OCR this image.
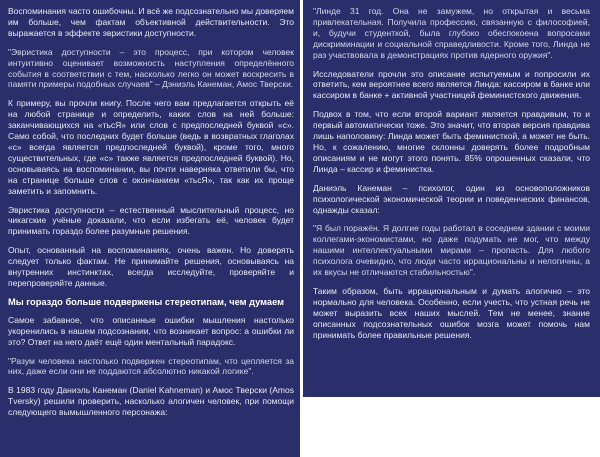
Воспоминания часто ошибочны. И всё же подсознательно мы доверяем им больше, чем фактам объективной действительности. Это выражается в эффекте эвристики доступности.

"Эвристика доступности – это процесс, при котором человек интуитивно оценивает возможность наступления определённого события в соответствии с тем, насколько легко он может воскресить в памяти примеры подобных случаев" – Дэниэль Канеман, Амос Тверски.

К примеру, вы прочли книгу. После чего вам предлагается открыть её на любой странице и определить, каких слов на ней больше: заканчивающихся на «тьсЯ» или слов с предпоследней буквой «с». Само собой, что последних будет больше (ведь в возвратных глаголах «с» всегда является предпоследней буквой), кроме того, много существительных, где «с» также является предпоследней буквой). Но, основываясь на воспоминании, вы почти наверняка ответили бы, что на странице больше слов с окончанием «тьсЯ», так как их проще заметить и запомнить.

Эвристика доступности – естественный мыслительный процесс, но чикагские учёные доказали, что если избегать её, человек будет принимать гораздо более разумные решения.

Опыт, основанный на воспоминаниях, очень важен. Но доверять следует только фактам. Не принимайте решения, основываясь на внутренних инстинктах, всегда исследуйте, проверяйте и перепроверяйте данные.

Мы гораздо больше подвержены стереотипам, чем думаем

Самое забавное, что описанные ошибки мышления настолько укоренились в нашем подсознании, что возникает вопрос: а ошибки ли это? Ответ на него даёт ещё один ментальный парадокс.

"Разум человека настолько подвержен стереотипам, что цепляется за них, даже если они не поддаются абсолютно никакой логике".

В 1983 году Даниэль Канеман (Daniel Kahneman) и Амос Тверски (Amos Tversky) решили проверить, насколько алогичен человек, при помощи следующего вымышленного персонажа:

"Линде 31 год. Она не замужем, но открытая и весьма привлекательная. Получила профессию, связанную с философией, и, будучи студенткой, была глубоко обеспокоена вопросами дискриминации и социальной справедливости. Кроме того, Линда не раз участвовала в демонстрациях против ядерного оружия".

Исследователи прочли это описание испытуемым и попросили их ответить, кем вероятнее всего является Линда: кассиром в банке или кассиром в банке + активной участницей феминистского движения.

Подвох в том, что если второй вариант является правдивым, то и первый автоматически тоже. Это значит, что вторая версия правдива лишь наполовину: Линда может быть феминисткой, а может не быть. Но, к сожалению, многие склонны доверять более подробным описаниям и не могут этого понять. 85% опрошенных сказали, что Линда – кассир и феминистка.

Даниэль Канеман – психолог, один из основоположников психологической экономической теории и поведенческих финансов, однажды сказал:

"Я был поражён. Я долгие годы работал в соседнем здании с моими коллегами-экономистами, но даже подумать не мог, что между нашими интеллектуальными мирами – пропасть. Для любого психолога очевидно, что люди часто иррациональны и нелогичны, а их вкусы не отличаются стабильностью".

Таким образом, быть иррациональным и думать алогично – это нормально для человека. Особенно, если учесть, что устная речь не может выразить всех наших мыслей. Тем не менее, знание описанных подсознательных ошибок мозга может помочь нам принимать более правильные решения.
